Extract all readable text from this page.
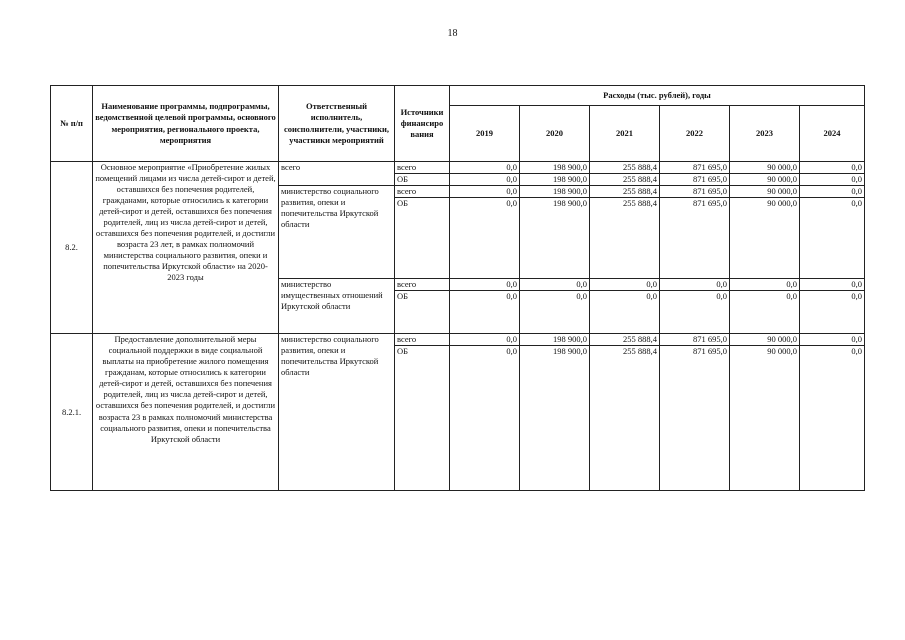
18
№ п/п	Наименование программы, подпрограммы, ведомственной целевой программы, основного мероприятия, регионального проекта, мероприятия	Ответственный исполнитель, соисполнители, участники, участники мероприятий	Источники финансиро вания	Расходы (тыс. рублей), годы					
				2019	2020	2021	2022	2023	2024
8.2.	Основное мероприятие «Приобретение жилых помещений лицами из числа детей-сирот и детей, оставшихся без попечения родителей, гражданами, которые относились к категории детей-сирот и детей, оставшихся без попечения родителей, лиц из числа детей-сирот и детей, оставшихся без попечения родителей, и достигли возраста 23 лет, в рамках полномочий министерства социального развития, опеки и попечительства Иркутской области» на 2020-2023 годы	всего	всего	0,0	198 900,0	255 888,4	871 695,0	90 000,0	0,0
			ОБ	0,0	198 900,0	255 888,4	871 695,0	90 000,0	0,0
		министерство социального развития, опеки и попечительства Иркутской области	всего	0,0	198 900,0	255 888,4	871 695,0	90 000,0	0,0
			ОБ	0,0	198 900,0	255 888,4	871 695,0	90 000,0	0,0
		министерство имущественных отношений Иркутской области	всего	0,0	0,0	0,0	0,0	0,0	0,0
			ОБ	0,0	0,0	0,0	0,0	0,0	0,0
8.2.1.	Предоставление дополнительной меры социальной поддержки в виде социальной выплаты на приобретение жилого помещения гражданам, которые относились к категории детей-сирот и детей, оставшихся без попечения родителей, лиц из числа детей-сирот и детей, оставшихся без попечения родителей, и достигли возраста 23 в рамках полномочий министерства социального развития, опеки и попечительства Иркутской области	министерство социального развития, опеки и попечительства Иркутской области	всего	0,0	198 900,0	255 888,4	871 695,0	90 000,0	0,0
			ОБ	0,0	198 900,0	255 888,4	871 695,0	90 000,0	0,0
